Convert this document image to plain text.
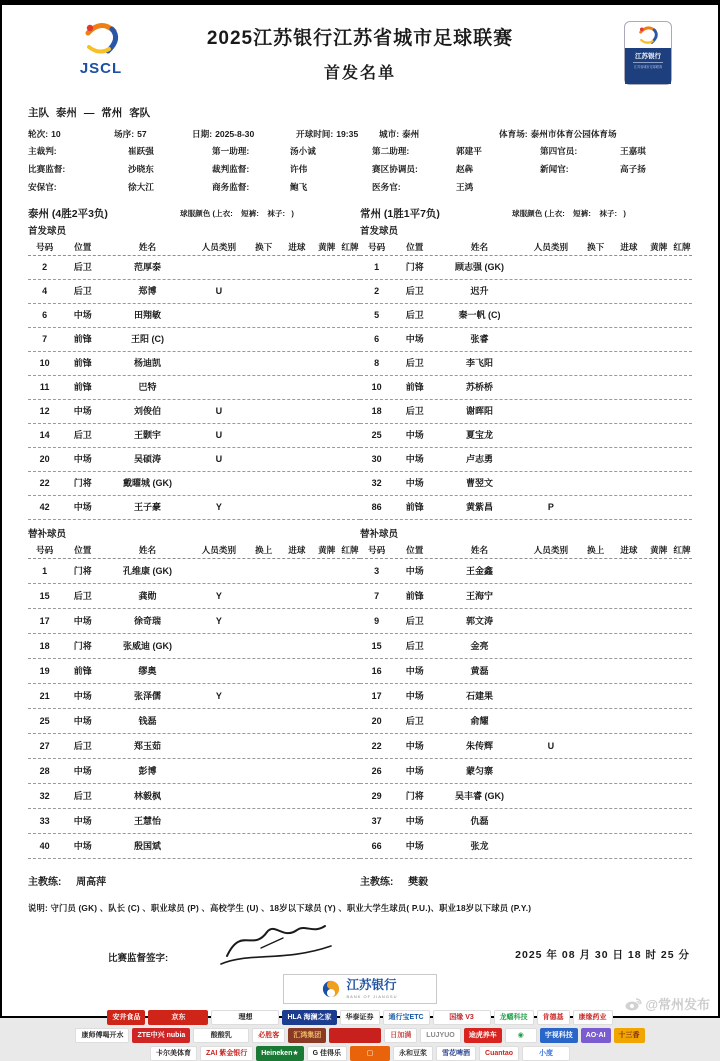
JSCL
2025江苏银行江苏省城市足球联赛
首发名单
江苏银行
江苏省城市足球联赛
主队 泰州 — 常州 客队
轮次: 10	场序: 57	日期: 2025-8-30	开球时间: 19:35 城市: 泰州	体育场: 泰州市体育公园体育场
主裁判:	崔跃强	第一助理:	汤小诚	第二助理:	郭建平	第四官员:	王嘉琪
比赛监督:	沙晓东	裁判监督:	许伟	赛区协调员:	赵犇	新闻官:	高子扬
安保官:	徐大江	商务监督:	鲍飞	医务官:	王鸿
泰州 (4胜2平3负)	球服颜色 (上衣:    短裤:    袜子:   )	常州 (1胜1平7负)	球服颜色 (上衣:    短裤:    袜子:   )
首发球员	首发球员
号码	位置	姓名	人员类别	换下	进球	黄牌 红牌
2	后卫	范厚泰
4	后卫	郑博	U
6	中场	田翔敏
7	前锋	王阳 (C)
10	前锋	杨迪凯
11	前锋	巴特
12	中场	刘俊伯	U
14	后卫	王颢宇	U
20	中场	吴硕涛	U
22	门将	戴曜城 (GK)
42	中场	王子豪	Y
号码	位置	姓名	人员类别	换下	进球	黄牌 红牌
1	门将	顾志强 (GK)
2	后卫	迟升
5	后卫	秦一帆 (C)
6	中场	张睿
8	后卫	李飞阳
10	前锋	苏桥桥
18	后卫	谢晖阳
25	中场	夏宝龙
30	中场	卢志勇
32	中场	曹翌文
86	前锋	黄紫昌	P
替补球员	替补球员
号码	位置	姓名	人员类别	换上	进球	黄牌 红牌
1	门将	孔维康 (GK)
15	后卫	龚勋	Y
17	中场	徐奇瑞	Y
18	门将	张威迪 (GK)
19	前锋	缪奥
21	中场	张泽儒	Y
25	中场	钱磊
27	后卫	郑玉茹
28	中场	彭博
32	后卫	林毅枫
33	中场	王慧怡
40	中场	殷国斌
号码	位置	姓名	人员类别	换上	进球	黄牌 红牌
3	中场	王金鑫
7	前锋	王海宁
9	后卫	郭文涛
15	后卫	金亮
16	中场	黄磊
17	中场	石建果
20	后卫	俞耀
22	中场	朱传辉	U
26	中场	蒙匀寨
29	门将	吴丰睿 (GK)
37	中场	仇磊
66	中场	张龙
主教练: 周高萍	主教练: 樊毅
说明: 守门员 (GK) 、队长 (C) 、职业球员 (P) 、高校学生 (U) 、18岁以下球员 (Y) 、职业大学生球员( P.U.)、职业18岁以下球员 (P.Y.)
比赛监督签字:	2025 年 08 月 30 日 18 时 25 分
江苏银行
BANK OF JIANGSU
安井食品	京东	理想	HLA 海澜之家	华泰证券	通行宝ETC	国缘 V3	龙蟠科技	肯德基	康缘药业
康师傅喝开水	ZTE中兴 nubia	酸酸乳	必胜客	汇鸿集团	日加满	LUJYUO	途虎养车	◉	宇视科技	AO·AI	十三香
卡尔美体育	ZAI 紫金银行	Heineken★	G 佳得乐	▢	永和豆浆	雪花啤酒	Cuantao	小度
@常州发布
